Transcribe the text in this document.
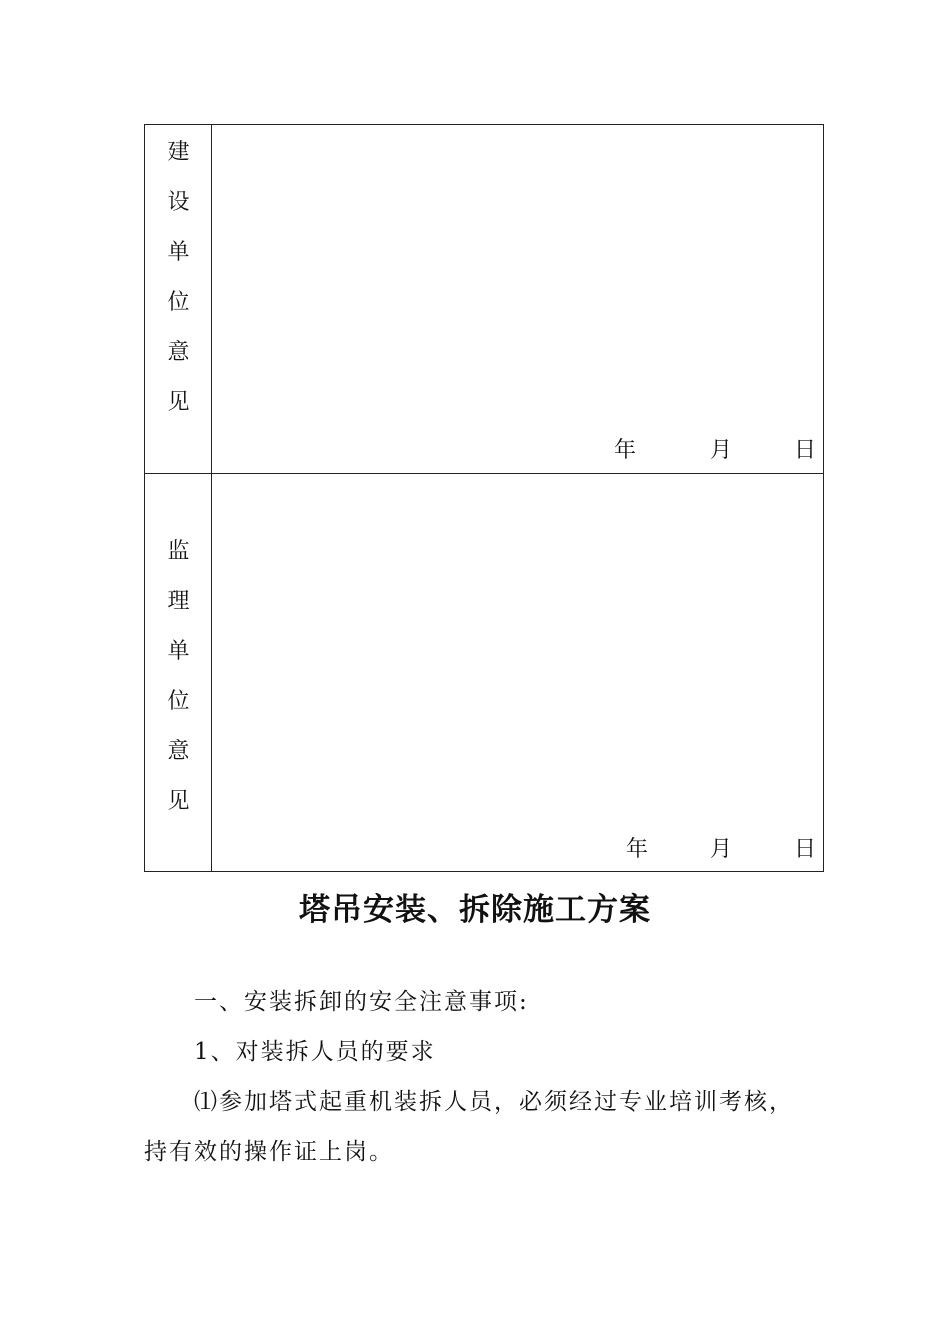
建
设
单
位
意
见
年	月	日
监
理
单
位
意
见
年	月	日
塔吊安装、拆除施工方案
一、安装拆卸的安全注意事项:
1、对装拆人员的要求
⑴参加塔式起重机装拆人员，必须经过专业培训考核，
持有效的操作证上岗。
